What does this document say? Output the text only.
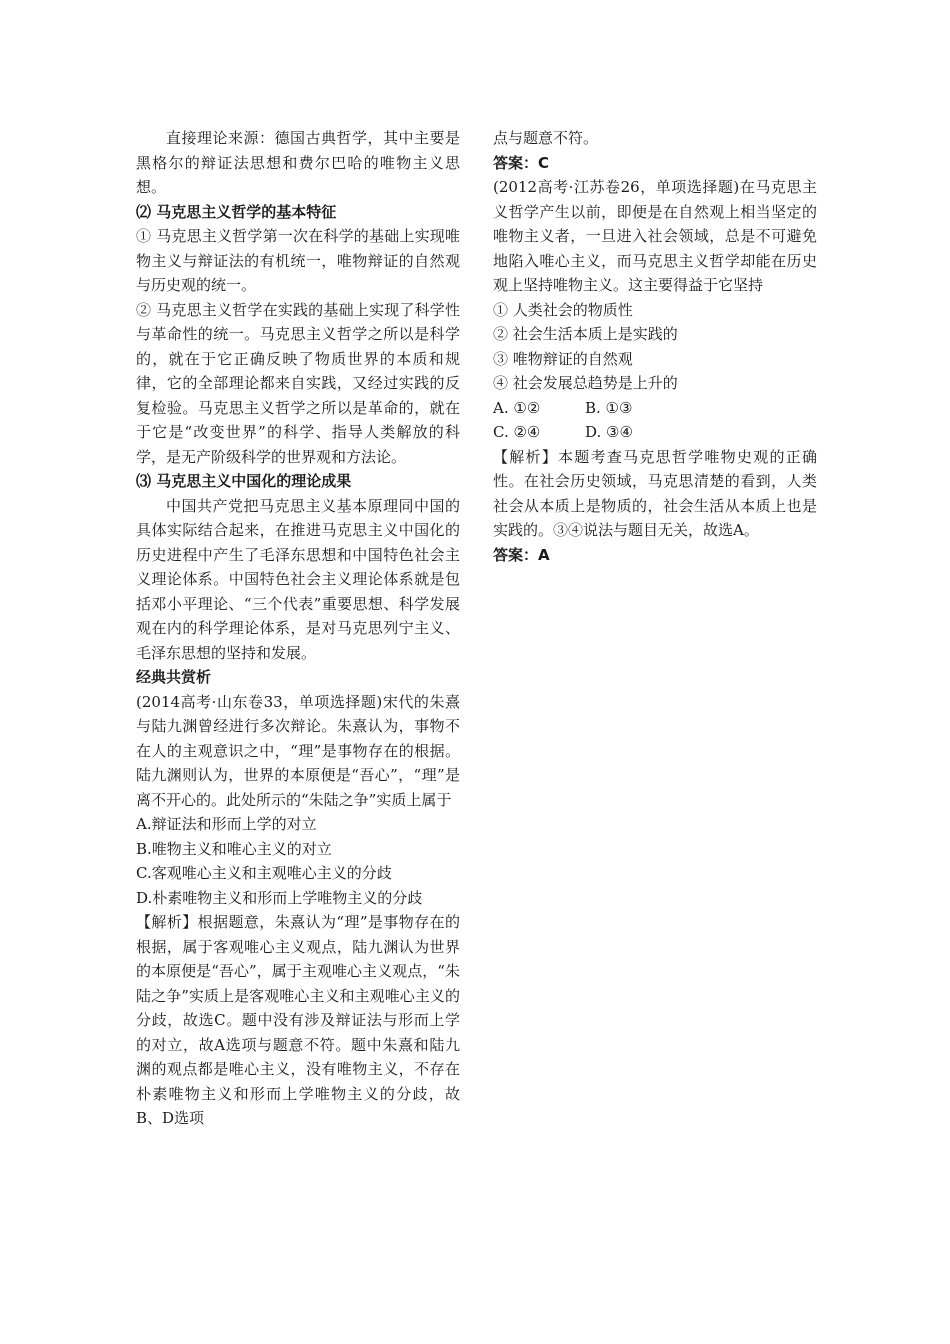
直接理论来源：德国古典哲学，其中主要是黑格尔的辩证法思想和费尔巴哈的唯物主义思想。

⑵ 马克思主义哲学的基本特征

① 马克思主义哲学第一次在科学的基础上实现唯物主义与辩证法的有机统一，唯物辩证的自然观与历史观的统一。

② 马克思主义哲学在实践的基础上实现了科学性与革命性的统一。马克思主义哲学之所以是科学的，就在于它正确反映了物质世界的本质和规律，它的全部理论都来自实践，又经过实践的反复检验。马克思主义哲学之所以是革命的，就在于它是“改变世界”的科学、指导人类解放的科学，是无产阶级科学的世界观和方法论。

⑶ 马克思主义中国化的理论成果

中国共产党把马克思主义基本原理同中国的具体实际结合起来，在推进马克思主义中国化的历史进程中产生了毛泽东思想和中国特色社会主义理论体系。中国特色社会主义理论体系就是包括邓小平理论、“三个代表”重要思想、科学发展观在内的科学理论体系，是对马克思列宁主义、毛泽东思想的坚持和发展。

经典共赏析

(2014高考·山东卷33，单项选择题)宋代的朱熹与陆九渊曾经进行多次辩论。朱熹认为，事物不在人的主观意识之中，“理”是事物存在的根据。陆九渊则认为，世界的本原便是“吾心”，“理”是离不开心的。此处所示的“朱陆之争”实质上属于

A.辩证法和形而上学的对立

B.唯物主义和唯心主义的对立

C.客观唯心主义和主观唯心主义的分歧

D.朴素唯物主义和形而上学唯物主义的分歧

【解析】根据题意，朱熹认为“理”是事物存在的根据，属于客观唯心主义观点，陆九渊认为世界的本原便是“吾心”，属于主观唯心主义观点，“朱陆之争”实质上是客观唯心主义和主观唯心主义的分歧，故选C。题中没有涉及辩证法与形而上学的对立，故A选项与题意不符。题中朱熹和陆九渊的观点都是唯心主义，没有唯物主义，不存在朴素唯物主义和形而上学唯物主义的分歧，故B、D选项

点与题意不符。

答案：C

(2012高考·江苏卷26，单项选择题)在马克思主义哲学产生以前，即便是在自然观上相当坚定的唯物主义者，一旦进入社会领域，总是不可避免地陷入唯心主义，而马克思主义哲学却能在历史观上坚持唯物主义。这主要得益于它坚持

① 人类社会的物质性

② 社会生活本质上是实践的

③ 唯物辩证的自然观

④ 社会发展总趋势是上升的

A. ①②	B. ①③

C. ②④	D. ③④

【解析】本题考查马克思哲学唯物史观的正确性。在社会历史领域，马克思清楚的看到，人类社会从本质上是物质的，社会生活从本质上也是实践的。③④说法与题目无关，故选A。

答案：A
